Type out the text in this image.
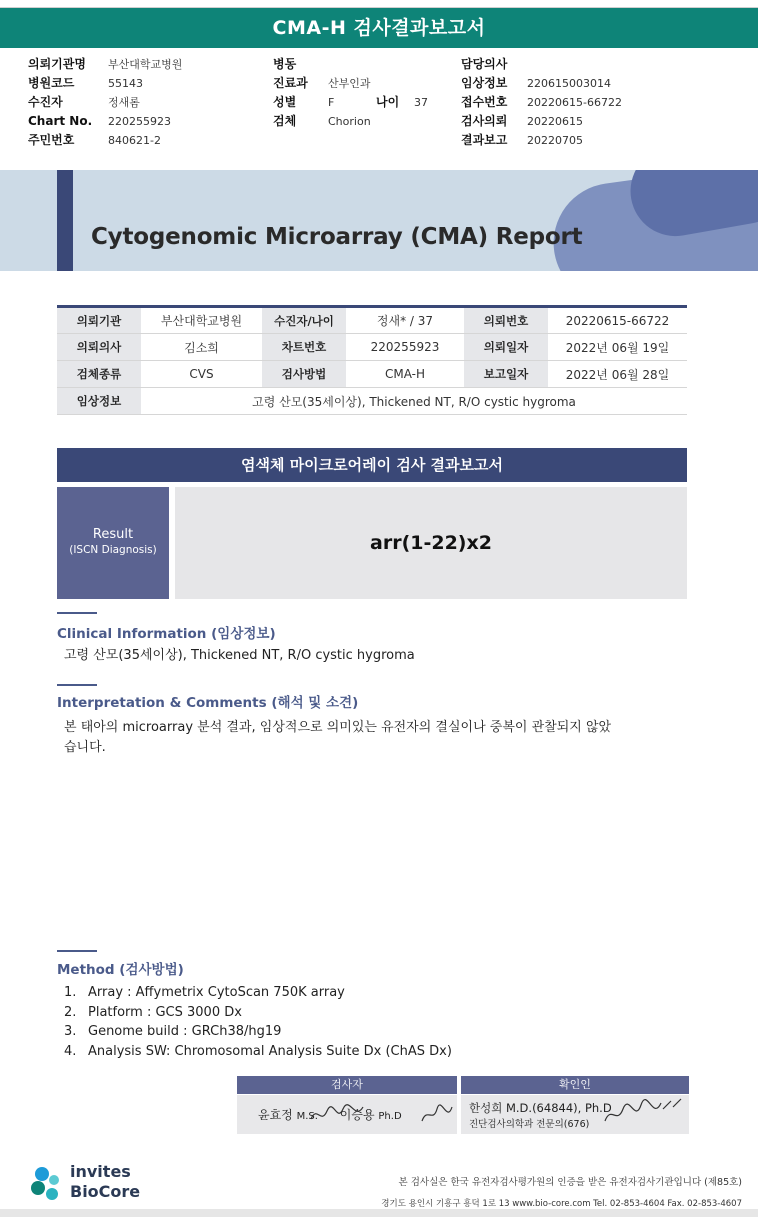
CMA-H 검사결과보고서
의뢰기관명	부산대학교병원
병원코드	55143
수진자	정새롬
Chart No.	220255923
주민번호	840621-2
병동
진료과	산부인과
성별	F	나이	37
검체	Chorion
담당의사
임상정보	220615003014
접수번호	20220615-66722
검사의뢰	20220615
결과보고	20220705
Cytogenomic Microarray (CMA) Report
의뢰기관	부산대학교병원	수진자/나이	정새* / 37	의뢰번호	20220615-66722
의뢰의사	김소희	차트번호	220255923	의뢰일자	2022년 06월 19일
검체종류	CVS	검사방법	CMA-H	보고일자	2022년 06월 28일
임상정보	고령 산모(35세이상), Thickened NT, R/O cystic hygroma				
염색체 마이크로어레이 검사 결과보고서
Result
(ISCN Diagnosis)	arr(1-22)x2
Clinical Information (임상정보)
고령 산모(35세이상), Thickened NT, R/O cystic hygroma
Interpretation & Comments (해석 및 소견)
본 태아의 microarray 분석 결과, 임상적으로 의미있는 유전자의 결실이나 중복이 관찰되지 않았
습니다.
Method (검사방법)
1. Array : Affymetrix CytoScan 750K array
2. Platform : GCS 3000 Dx
3. Genome build : GRCh38/hg19
4. Analysis SW: Chromosomal Analysis Suite Dx (ChAS Dx)
검사자	확인인
윤효정 M.S. 이승용 Ph.D
한성희 M.D.(64844), Ph.D
진단검사의학과 전문의(676)
invites
BioCore	본 검사실은 한국 유전자검사평가원의 인증을 받은 유전자검사기관입니다 (제85호)
경기도 용인시 기흥구 흥덕 1로 13 www.bio-core.com Tel. 02-853-4604 Fax. 02-853-4607
